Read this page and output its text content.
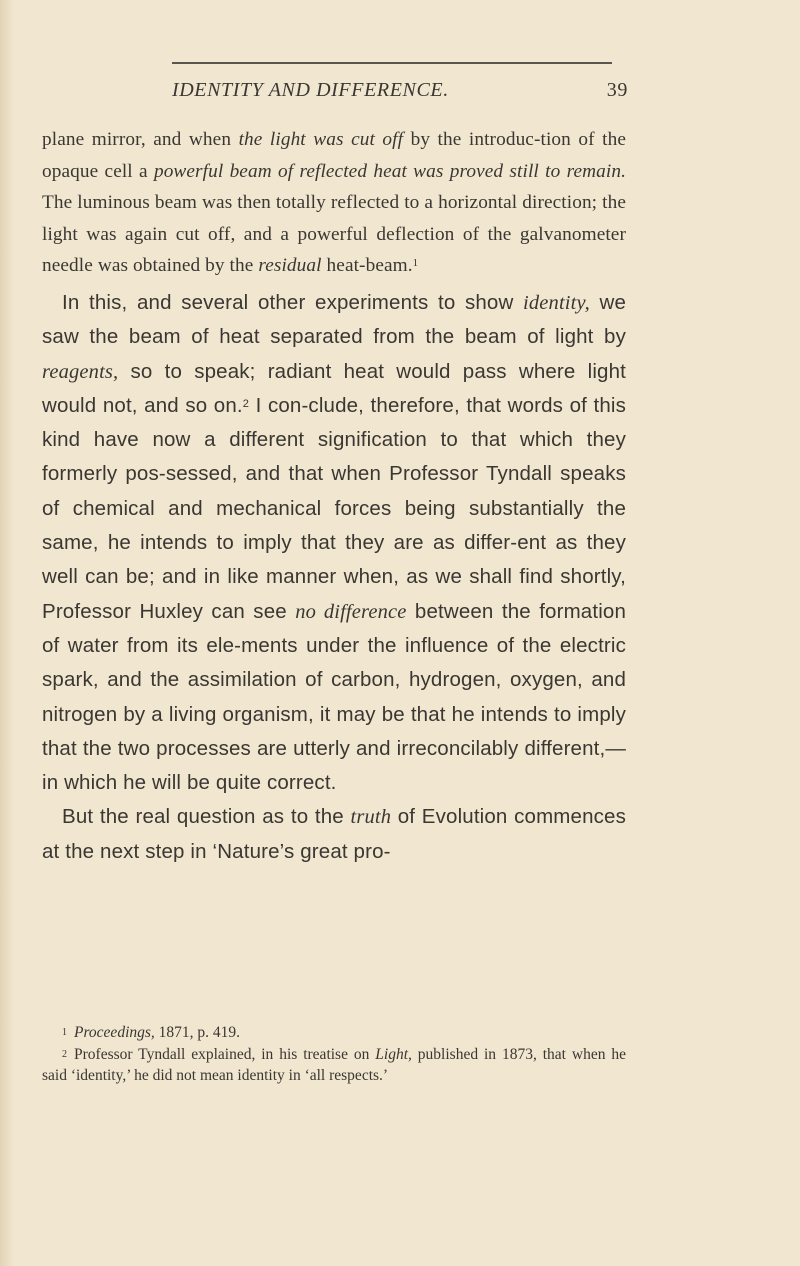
IDENTITY AND DIFFERENCE.	39

plane mirror, and when the light was cut off by the introduc-tion of the opaque cell a powerful beam of reflected heat was proved still to remain. The luminous beam was then totally reflected to a horizontal direction; the light was again cut off, and a powerful deflection of the galvanometer needle was obtained by the residual heat-beam.$^1$

In this, and several other experiments to show identity, we saw the beam of heat separated from the beam of light by reagents, so to speak; radiant heat would pass where light would not, and so on.$^2$ I con-clude, therefore, that words of this kind have now a different signification to that which they formerly pos-sessed, and that when Professor Tyndall speaks of chemical and mechanical forces being substantially the same, he intends to imply that they are as differ-ent as they well can be; and in like manner when, as we shall find shortly, Professor Huxley can see no difference between the formation of water from its ele-ments under the influence of the electric spark, and the assimilation of carbon, hydrogen, oxygen, and nitrogen by a living organism, it may be that he intends to imply that the two processes are utterly and irreconcilably different,—in which he will be quite correct.

But the real question as to the truth of Evolution commences at the next step in ‘Nature’s great pro-

$^1$ Proceedings, 1871, p. 419.

$^2$ Professor Tyndall explained, in his treatise on Light, published in 1873, that when he said ‘identity,’ he did not mean identity in ‘all respects.’
